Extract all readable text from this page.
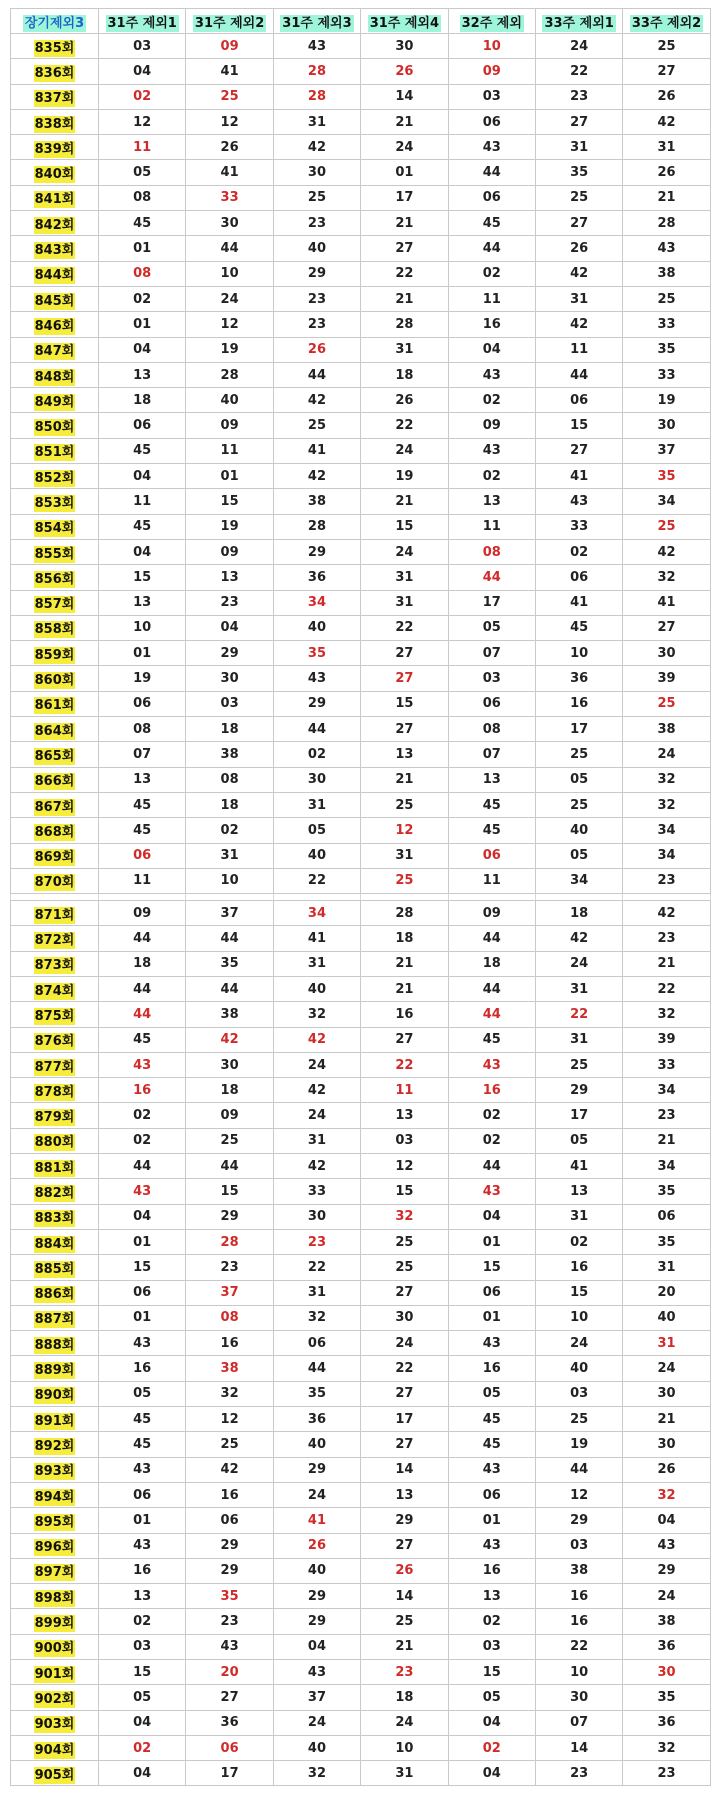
장기제외3	31주 제외1	31주 제외2	31주 제외3	31주 제외4	32주 제외	33주 제외1	33주 제외2
835회	03	09	43	30	10	24	25
836회	04	41	28	26	09	22	27
837회	02	25	28	14	03	23	26
838회	12	12	31	21	06	27	42
839회	11	26	42	24	43	31	31
840회	05	41	30	01	44	35	26
841회	08	33	25	17	06	25	21
842회	45	30	23	21	45	27	28
843회	01	44	40	27	44	26	43
844회	08	10	29	22	02	42	38
845회	02	24	23	21	11	31	25
846회	01	12	23	28	16	42	33
847회	04	19	26	31	04	11	35
848회	13	28	44	18	43	44	33
849회	18	40	42	26	02	06	19
850회	06	09	25	22	09	15	30
851회	45	11	41	24	43	27	37
852회	04	01	42	19	02	41	35
853회	11	15	38	21	13	43	34
854회	45	19	28	15	11	33	25
855회	04	09	29	24	08	02	42
856회	15	13	36	31	44	06	32
857회	13	23	34	31	17	41	41
858회	10	04	40	22	05	45	27
859회	01	29	35	27	07	10	30
860회	19	30	43	27	03	36	39
861회	06	03	29	15	06	16	25
864회	08	18	44	27	08	17	38
865회	07	38	02	13	07	25	24
866회	13	08	30	21	13	05	32
867회	45	18	31	25	45	25	32
868회	45	02	05	12	45	40	34
869회	06	31	40	31	06	05	34
870회	11	10	22	25	11	34	23

871회	09	37	34	28	09	18	42
872회	44	44	41	18	44	42	23
873회	18	35	31	21	18	24	21
874회	44	44	40	21	44	31	22
875회	44	38	32	16	44	22	32
876회	45	42	42	27	45	31	39
877회	43	30	24	22	43	25	33
878회	16	18	42	11	16	29	34
879회	02	09	24	13	02	17	23
880회	02	25	31	03	02	05	21
881회	44	44	42	12	44	41	34
882회	43	15	33	15	43	13	35
883회	04	29	30	32	04	31	06
884회	01	28	23	25	01	02	35
885회	15	23	22	25	15	16	31
886회	06	37	31	27	06	15	20
887회	01	08	32	30	01	10	40
888회	43	16	06	24	43	24	31
889회	16	38	44	22	16	40	24
890회	05	32	35	27	05	03	30
891회	45	12	36	17	45	25	21
892회	45	25	40	27	45	19	30
893회	43	42	29	14	43	44	26
894회	06	16	24	13	06	12	32
895회	01	06	41	29	01	29	04
896회	43	29	26	27	43	03	43
897회	16	29	40	26	16	38	29
898회	13	35	29	14	13	16	24
899회	02	23	29	25	02	16	38
900회	03	43	04	21	03	22	36
901회	15	20	43	23	15	10	30
902회	05	27	37	18	05	30	35
903회	04	36	24	24	04	07	36
904회	02	06	40	10	02	14	32
905회	04	17	32	31	04	23	23
